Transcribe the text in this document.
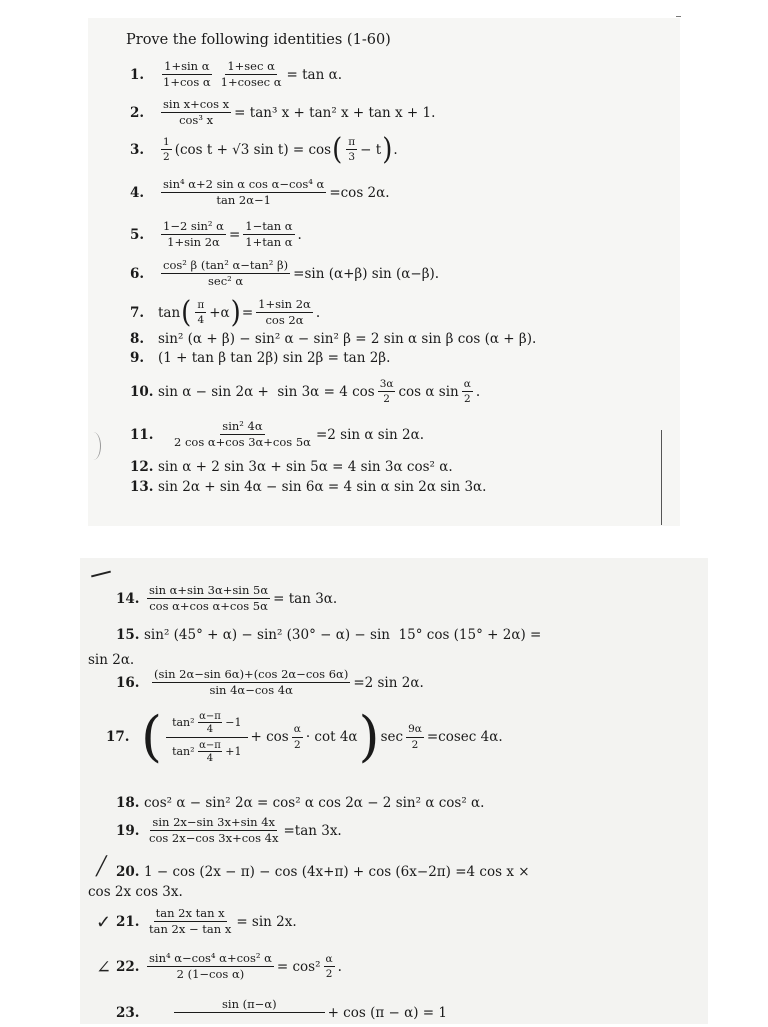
Prove the following identities (1-60)
1.	$\frac{\text{1+sin α}}{\text{1+cos α}} \frac{\text{1+sec α}}{\text{1+cosec α}} = \tan \alpha$.
2.	$\frac{\text{sin x+cos x}}{\text{cos³ x}} = \tan^3$ x + tan² x + tan x + 1.
3.	$\frac{1}{2} (\cos$ t + √3 sin t) = cos ( $\frac{\pi}{3} - t$ ) .
4.	$\frac{\text{sin⁴ α+2 sin α cos α−cos⁴ α}}{\tan 2\alpha-1} =\cos$ 2α.
5.	$\frac{\text{1−2 sin² α}}{1+\sin 2\alpha} = \frac{\text{1−tan α}}{\text{1+tan α}}$ .
6.	$\frac{\text{cos² β (tan² α−tan² β)}}{\text{sec² α}} =\sin$ (α+β) sin (α−β).
7.	tan ( $\frac{\pi}{4} +\alpha$ ) = $\frac{1+\sin 2\alpha}{\cos 2\alpha}$ .
8.	sin² (α + β) − sin² α − sin² β = 2 sin α sin β cos (α + β).
9.	(1 + tan β tan 2β) sin 2β = tan 2β.
10. sin α − sin 2α +  sin 3α = 4 $\cos \frac{3\alpha}{2}$ cos α $\sin \frac{\alpha}{2}$ .
11.	$\frac{\text{sin² 4α}}{\text{2 cos α+cos 3α+cos 5α}} =2$ sin α sin 2α.
12. sin α + 2 sin 3α + sin 5α = 4 sin 3α cos² α.
13. sin 2α + sin 4α − sin 6α = 4 sin α sin 2α sin 3α.
14. $\frac{\text{sin α+sin 3α+sin 5α}}{\text{cos α+cos α+cos 5α}} = \tan 3\alpha$.
15. sin² (45° + α) − sin² (30° − α) − sin  15° cos (15° + 2α) =
sin 2α.
16.	$\frac{(\sin 2\alpha-\sin 6\alpha)+(\cos 2\alpha-\cos 6\alpha)}{\sin 4\alpha-\cos 4\alpha} =2$ sin 2α.
17. ( $\frac{\tan^2 \frac{\alpha-\pi}{4} -1}{\tan^2 \frac{\alpha-\pi}{4} +1} + \cos \frac{\alpha}{2} \cdot \cot 4\alpha$ ) $\sec \frac{9\alpha}{2} =cosec$ 4α.
18. cos² α − sin² 2α = cos² α cos 2α − 2 sin² α cos² α.
19. $\frac{\sin 2x-\sin 3x+\sin 4x}{\cos 2x-\cos 3x+\cos 4x} =\tan$ 3x.
╱ 20. 1 − cos (2x − π) − cos (4x+π) + cos (6x−2π) =4 cos x ×
cos 2x cos 3x.
✓ 21. $\frac{\text{tan 2x tan x}}{\text{tan 2x − tan x}} = \sin 2x$.
∠ 22. $\frac{\text{sin⁴ α−cos⁴ α+cos² α}}{\text{2 (1−cos α)}} = \cos^2 \frac{\alpha}{2}$ .
23.
sin (π−α)

+ cos (π − α) = 1
